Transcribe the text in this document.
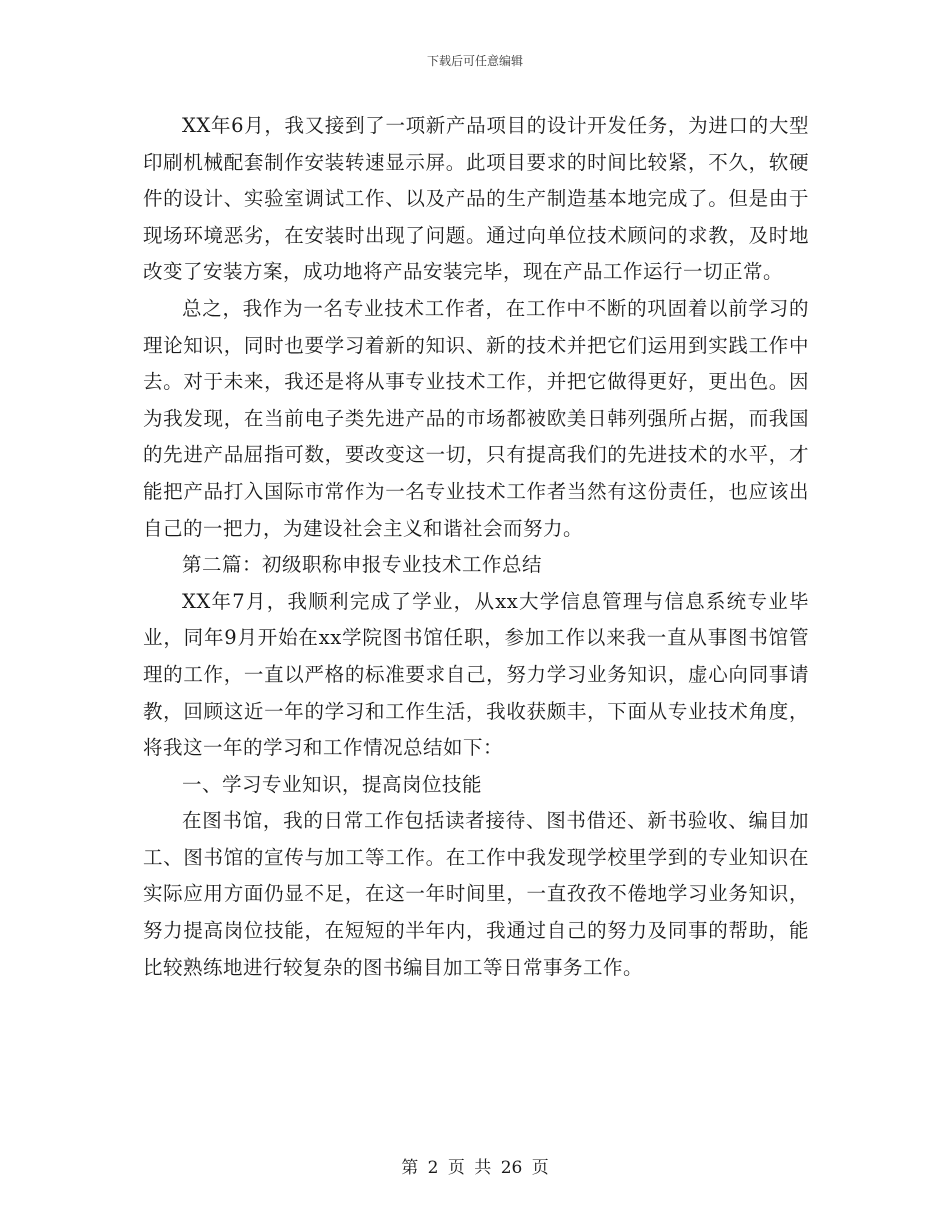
下载后可任意编辑

XX年6月，我又接到了一项新产品项目的设计开发任务，为进口的大型印刷机械配套制作安装转速显示屏。此项目要求的时间比较紧，不久，软硬件的设计、实验室调试工作、以及产品的生产制造基本地完成了。但是由于现场环境恶劣，在安装时出现了问题。通过向单位技术顾问的求教，及时地改变了安装方案，成功地将产品安装完毕，现在产品工作运行一切正常。

总之，我作为一名专业技术工作者，在工作中不断的巩固着以前学习的理论知识，同时也要学习着新的知识、新的技术并把它们运用到实践工作中去。对于未来，我还是将从事专业技术工作，并把它做得更好，更出色。因为我发现，在当前电子类先进产品的市场都被欧美日韩列强所占据，而我国的先进产品屈指可数，要改变这一切，只有提高我们的先进技术的水平，才能把产品打入国际市常作为一名专业技术工作者当然有这份责任，也应该出自己的一把力，为建设社会主义和谐社会而努力。

第二篇：初级职称申报专业技术工作总结

XX年7月，我顺利完成了学业，从xx大学信息管理与信息系统专业毕业，同年9月开始在xx学院图书馆任职，参加工作以来我一直从事图书馆管理的工作，一直以严格的标准要求自己，努力学习业务知识，虚心向同事请教，回顾这近一年的学习和工作生活，我收获颇丰，下面从专业技术角度，将我这一年的学习和工作情况总结如下：

一、学习专业知识，提高岗位技能

在图书馆，我的日常工作包括读者接待、图书借还、新书验收、编目加工、图书馆的宣传与加工等工作。在工作中我发现学校里学到的专业知识在实际应用方面仍显不足，在这一年时间里，一直孜孜不倦地学习业务知识，努力提高岗位技能，在短短的半年内，我通过自己的努力及同事的帮助，能比较熟练地进行较复杂的图书编目加工等日常事务工作。

第 2 页 共 26 页
